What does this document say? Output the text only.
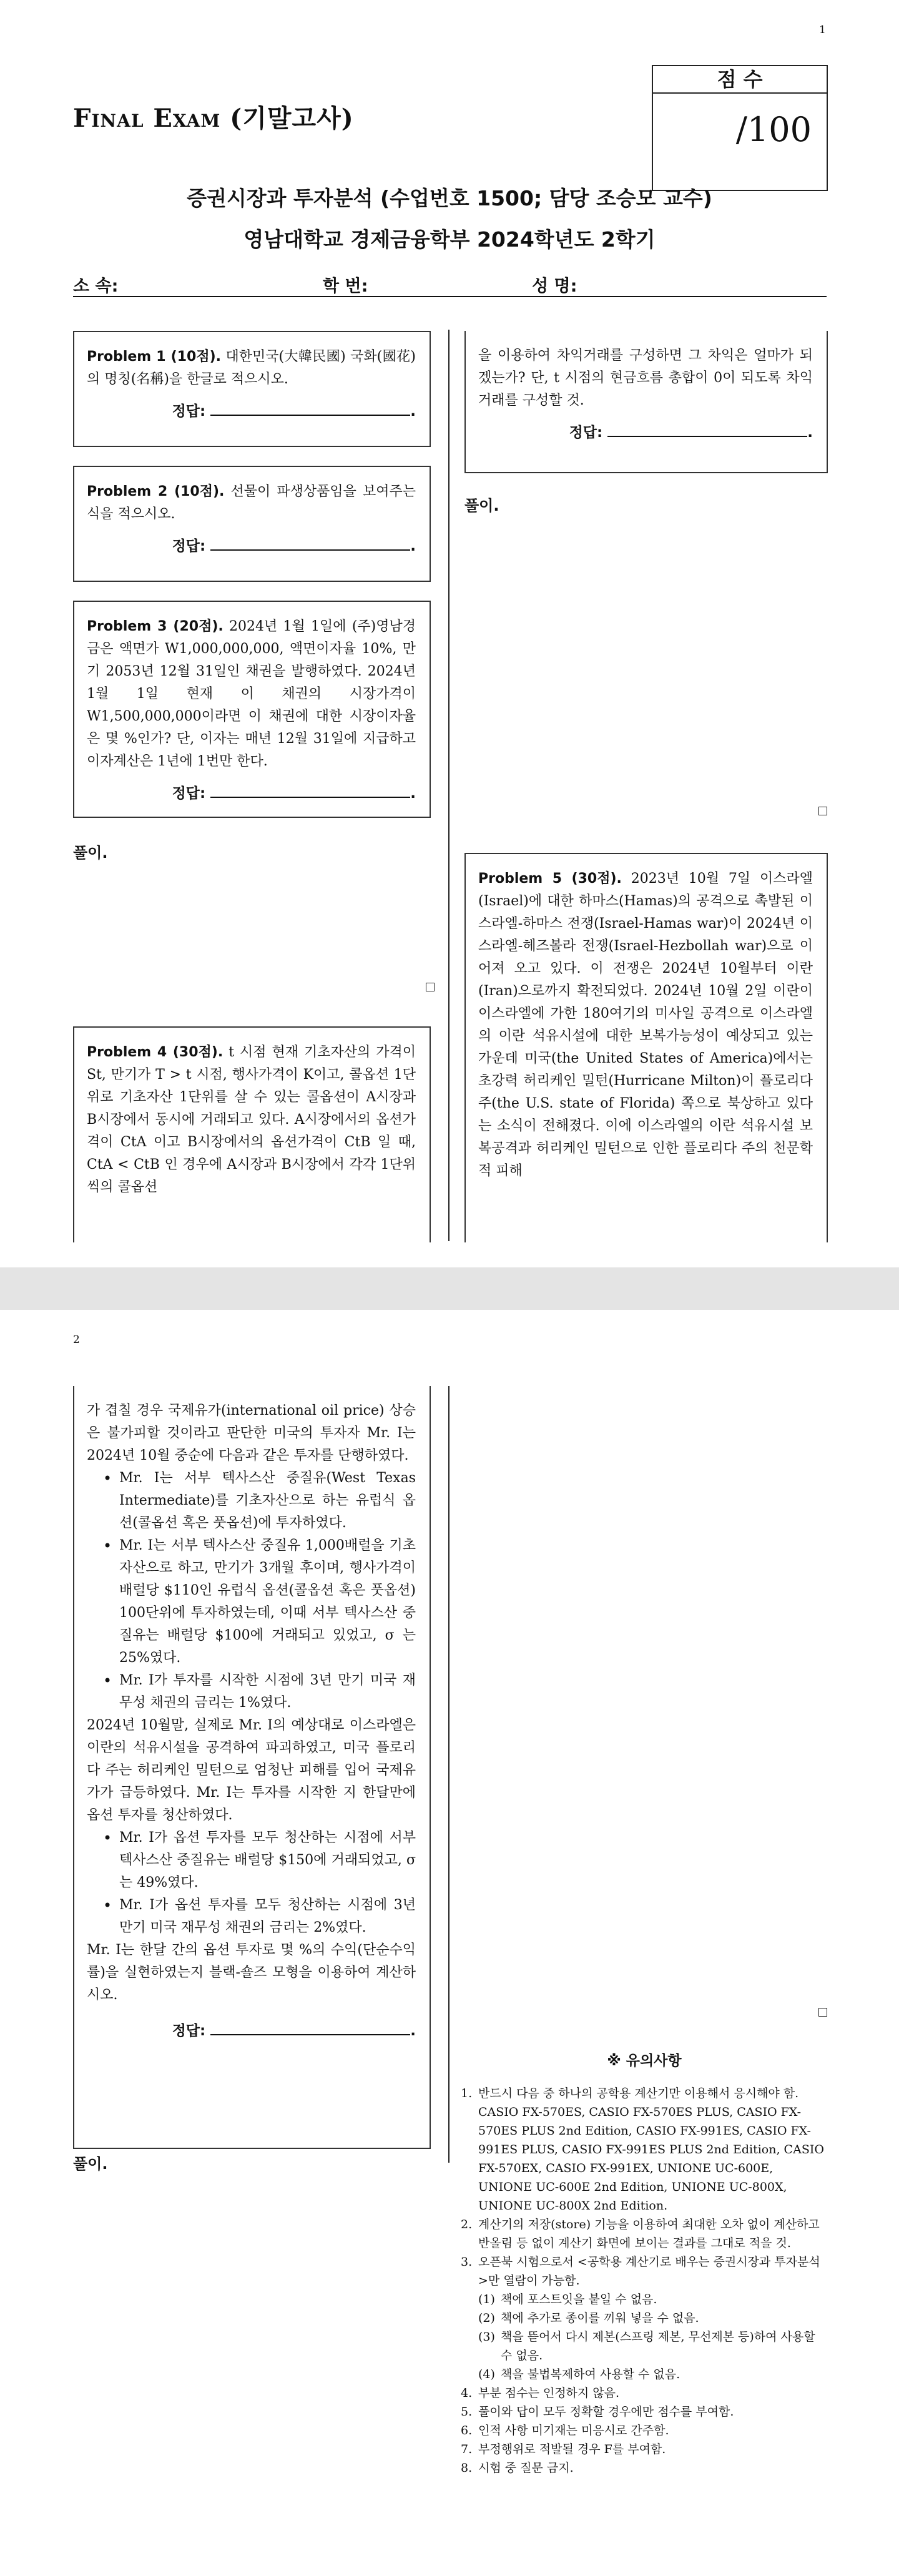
1
Final Exam (기말고사)
점 수
/100
증권시장과 투자분석 (수업번호 1500; 담당 조승모 교수)
영남대학교 경제금융학부 2024학년도 2학기
소 속:	학 번:	성 명:
Problem 1 (10점). 대한민국(大韓民國) 국화(國花)의 명칭(名稱)을 한글로 적으시오.
정답:	.
Problem 2 (10점). 선물이 파생상품임을 보여주는 식을 적으시오.
정답:	.
Problem 3 (20점). 2024년 1월 1일에 (주)영남경금은 액면가 W1,000,000,000, 액면이자율 10%, 만기 2053년 12월 31일인 채권을 발행하였다. 2024년 1월 1일 현재 이 채권의 시장가격이 W1,500,000,000이라면 이 채권에 대한 시장이자율은 몇 %인가? 단, 이자는 매년 12월 31일에 지급하고 이자계산은 1년에 1번만 한다.
정답:	.
풀이.
Problem 4 (30점). t 시점 현재 기초자산의 가격이 St, 만기가 T > t 시점, 행사가격이 K이고, 콜옵션 1단위로 기초자산 1단위를 살 수 있는 콜옵션이 A시장과 B시장에서 동시에 거래되고 있다. A시장에서의 옵션가격이 CtA 이고 B시장에서의 옵션가격이 CtB 일 때, CtA < CtB 인 경우에 A시장과 B시장에서 각각 1단위씩의 콜옵션
을 이용하여 차익거래를 구성하면 그 차익은 얼마가 되겠는가? 단, t 시점의 현금흐름 총합이 0이 되도록 차익거래를 구성할 것.
정답:	.
풀이.
Problem 5 (30점). 2023년 10월 7일 이스라엘(Israel)에 대한 하마스(Hamas)의 공격으로 촉발된 이스라엘-하마스 전쟁(Israel-Hamas war)이 2024년 이스라엘-헤즈볼라 전쟁(Israel-Hezbollah war)으로 이어져 오고 있다. 이 전쟁은 2024년 10월부터 이란(Iran)으로까지 확전되었다. 2024년 10월 2일 이란이 이스라엘에 가한 180여기의 미사일 공격으로 이스라엘의 이란 석유시설에 대한 보복가능성이 예상되고 있는 가운데 미국(the United States of America)에서는 초강력 허리케인 밀턴(Hurricane Milton)이 플로리다 주(the U.S. state of Florida) 쪽으로 북상하고 있다는 소식이 전해졌다. 이에 이스라엘의 이란 석유시설 보복공격과 허리케인 밀턴으로 인한 플로리다 주의 천문학적 피해
2
가 겹칠 경우 국제유가(international oil price) 상승은 불가피할 것이라고 판단한 미국의 투자자 Mr. I는 2024년 10월 중순에 다음과 같은 투자를 단행하였다.
• Mr. I는 서부 텍사스산 중질유(West Texas Intermediate)를 기초자산으로 하는 유럽식 옵션(콜옵션 혹은 풋옵션)에 투자하였다.
• Mr. I는 서부 텍사스산 중질유 1,000배럴을 기초자산으로 하고, 만기가 3개월 후이며, 행사가격이 배럴당 $110인 유럽식 옵션(콜옵션 혹은 풋옵션) 100단위에 투자하였는데, 이때 서부 텍사스산 중질유는 배럴당 $100에 거래되고 있었고, σ 는 25%였다.
• Mr. I가 투자를 시작한 시점에 3년 만기 미국 재무성 채권의 금리는 1%였다.
2024년 10월말, 실제로 Mr. I의 예상대로 이스라엘은 이란의 석유시설을 공격하여 파괴하였고, 미국 플로리다 주는 허리케인 밀턴으로 엄청난 피해를 입어 국제유가가 급등하였다. Mr. I는 투자를 시작한 지 한달만에 옵션 투자를 청산하였다.
• Mr. I가 옵션 투자를 모두 청산하는 시점에 서부 텍사스산 중질유는 배럴당 $150에 거래되었고, σ 는 49%였다.
• Mr. I가 옵션 투자를 모두 청산하는 시점에 3년 만기 미국 재무성 채권의 금리는 2%였다.
Mr. I는 한달 간의 옵션 투자로 몇 %의 수익(단순수익률)을 실현하였는지 블랙-숄즈 모형을 이용하여 계산하시오.
정답:	.
풀이.
※ 유의사항
1. 반드시 다음 중 하나의 공학용 계산기만 이용해서 응시해야 함. CASIO FX-570ES, CASIO FX-570ES PLUS, CASIO FX-570ES PLUS 2nd Edition, CASIO FX-991ES, CASIO FX-991ES PLUS, CASIO FX-991ES PLUS 2nd Edition, CASIO FX-570EX, CASIO FX-991EX, UNIONE UC-600E, UNIONE UC-600E 2nd Edition, UNIONE UC-800X, UNIONE UC-800X 2nd Edition.
2. 계산기의 저장(store) 기능을 이용하여 최대한 오차 없이 계산하고 반올림 등 없이 계산기 화면에 보이는 결과를 그대로 적을 것.
3. 오픈북 시험으로서 <공학용 계산기로 배우는 증권시장과 투자분석>만 열람이 가능함.
(1) 책에 포스트잇을 붙일 수 없음.
(2) 책에 추가로 종이를 끼워 넣을 수 없음.
(3) 책을 뜯어서 다시 제본(스프링 제본, 무선제본 등)하여 사용할 수 없음.
(4) 책을 불법복제하여 사용할 수 없음.
4. 부분 점수는 인정하지 않음.
5. 풀이와 답이 모두 정확할 경우에만 점수를 부여함.
6. 인적 사항 미기재는 미응시로 간주함.
7. 부정행위로 적발될 경우 F를 부여함.
8. 시험 중 질문 금지.
